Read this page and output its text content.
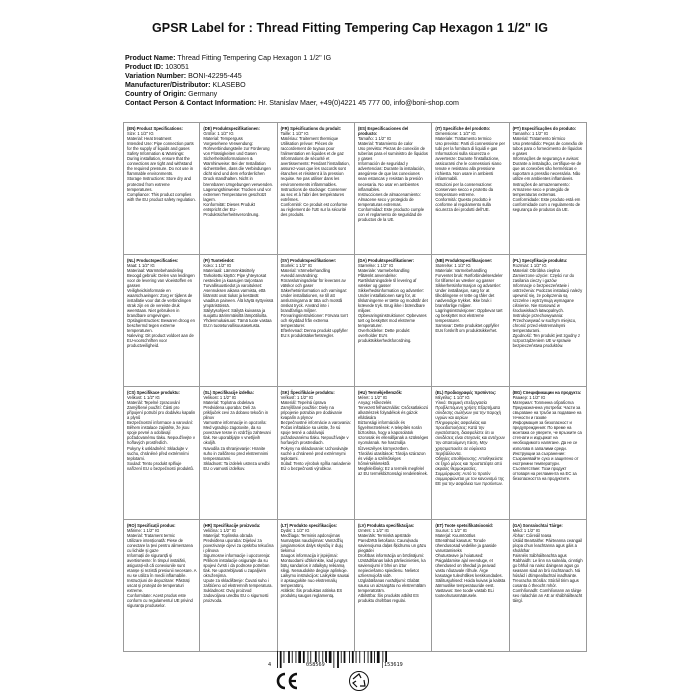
GPSR Label for : Thread Fitting Tempering Cap Hexagon 1 1/2" IG
Product Name: Thread Fitting Tempering Cap Hexagon 1 1/2" IG
Product ID: 103051
Variation Number: BONI-42295-445
Manufacturer/Distributor: KLASEBO
Country of Origin: Germany
Contact Person & Contact Information: Hr. Stanislav Maer, +49(0)4221 45 777 00, info@boni-shop.com
(EN) Product Specifications:
Size: 1 1/2" IG
Material: Heat treatment
Intended Use: Pipe connection parts for the supply of liquids and gases
Safety Information & Warnings: During installation, ensure that the connections are tight and withstand the required pressure. Do not use in flammable environments.
Storage Instructions: Store dry and protected from extreme temperatures.
Compliance: This product complies with the EU product safety regulation.
(DE) Produktspezifikationen:
Größe: 1 1/2" IG
Material: Temperguss
Vorgesehene Verwendung: Rohrverbindungsteile zur Förderung von Flüssigkeiten und Gasen
Sicherheitsinformationen & Warnhinweise: Bei der Installation sicherstellen, dass die Verbindungen dicht sind und dem erforderlichen Druck standhalten. Nicht in brennbaren Umgebungen verwenden.
Lagerungshinweise: Trocken und vor extremen Temperaturen geschützt lagern.
Konformität: Dieses Produkt entspricht der EU-Produktsicherheitsverordnung.
(FR) Spécifications du produit:
Taille: 1 1/2" IG
Matériau: Traitement thermique
Utilisation prévue: Pièces de raccordement de tuyaux pour l'alimentation en liquides et de gaz
Informations de sécurité et avertissements: Pendant l'installation, assurez-vous que les raccords sont étanches et résistent à la pression requise. Ne pas utiliser dans les environnements inflammables.
Instructions de stockage: Conserver au sec et à l'abri des températures extrêmes.
Conformité: Ce produit est conforme au règlement de l'UE sur la sécurité des produits.
(ES) Especificaciones del producto:
Tamaño: 1 1/2" IG
Material: Tratamiento de calor
Uso previsto: Piezas de conexión de tuberías para el suministro de líquidos y gases
Información de seguridad y advertencias: Durante la instalación, asegúrese de que las conexiones sean estancas y resistan la presión necesaria. No usar en ambientes inflamables.
Instrucciones de almacenamiento: Almacene seco y protegido de temperaturas extremas.
Conformidad: Este producto cumple con el reglamento de seguridad de productos de la UE.
(IT) Specifiche del prodotto:
Dimensione: 1 1/2" IG
Materiale: Trattamento termico
Uso previsto: Parti di connessione per tubi per la fornitura di liquidi e gas
Informazioni sulla sicurezza e avvertenze: Durante l'installazione, assicurarsi che le connessioni siano tenute e resistano alla pressione richiesta. Non usare in ambienti infiammabili.
Istruzioni per la conservazione: Conservare secco e protetto da temperature estreme.
Conformità: Questo prodotto è conforme al regolamento sulla sicurezza dei prodotti dell'UE.
(PT) Especificações do produto:
Tamanho: 1 1/2" IG
Material: Tratamento térmico
Uso pretendido: Peças de conexão de tubos para o fornecimento de líquidos e gases
Informações de segurança e avisos: Durante a instalação, certifique-se de que as conexões são herméticas e suportam a pressão necessária. Não utilize em ambientes inflamáveis.
Instruções de armazenamento: Armazene seco e protegido de temperaturas extremas.
Conformidade: Este produto está em conformidade com o regulamento de segurança de produtos da UE.
(NL) Productspecificaties:
Maat: 1 1/2" IG
Materiaal: Warmtebehandeling
Beoogd gebruik: Delen van leidingen voor de levering van vloeistoffen en gassen
Veiligheidsinformatie en waarschuwingen: Zorg er tijdens de installatie voor dat de verbindingen strak zijn en de vereiste druk weerstaan. Niet gebruiken in brandbare omgevingen.
Opslaginstructies: Bewaren droog en beschermd tegen extreme temperaturen.
Naleving: Dit product voldoet aan de EU-voorschriften voor productveiligheid.
(FI) Tuotetiedot:
Koko: 1 1/2" IG
Materiaali: Lämmönkäsittely
Tarkoitettu käyttö: Pipe yhteysosat nesteiden ja kaasujen tarjontaan
Turvallisuustiedot ja varoitukset: Asennuksen aikana varmista, että liitännät ovat tiukat ja kestävät vaaditun paineen. Älä käytä syttyvissä ympäristöissä.
Säilytysohjeet: Säilytä kuivassa ja suojattu äärimmäisiltä lämpötiloilta.
Yhdenmukaisuus: Tämä tuote vastaa EU:n tuoteturvallisuusasetusta.
(SV) Produktspecifikationer:
Storlek: 1 1/2" IG
Material: Värmebehandling
Avsedd användning: Röranslutningsdelar för leverans av vätskor och gaser
Säkerhetsinformation och varningar: Under installationen, se till att anslutningarna är täta och motstå önskat tryck. Använd inte i brandfarliga miljöer.
Förvaringsinstruktioner: Förvara torrt och skyddad från extrema temperaturer.
Efterlevnad: Denna produkt uppfyller EU:s produktsäkerhetsregler.
(DA) Produktspecifikationer:
Størrelse: 1 1/2" IG
Materiale: Varmebehandling
Påtænkt anvendelse: Rørtilslutningsdele til levering af væsker og gasser
Sikkerhedsinformation og advarsler: Under installationen sørg for, at tilslutningerne er tætte og modstår det krævede tryk. Brug ikke i brændbare miljøer.
Opbevaringsinstruktioner: Opbevares tørt og beskyttet mod ekstreme temperaturer.
Overholdelse: Dette produkt overholder EU's produktsikkerhedsforordning.
(NB) Produktspesifikasjoner:
Størrelse: 1 1/2" IG
Materiale: Varmebehandling
Forventet bruk: Rørforbindelsesdeler for tilførsel av væsker og gasser
Sikkerhetsinformasjon og advarsler: Under installasjon, sørg for at tilkoblingene er tette og tåler det nødvendige trykket. Ikke bruk i brannfarlige miljøer.
Lagringsinstruksjoner: Oppbevar tørt og beskyttet mot ekstreme temperaturer.
Samsvar: Dette produktet oppfyller EUs forskrift om produktsikkerhet.
(PL) Specyfikacje produktu:
Rozmiar: 1 1/2" IG
Materiał: Obróbka cieplna
Zamierzone użycie: Części rur do zasilania cieczy i gazów
Informacje o bezpieczeństwie i ostrzeżenia: Podczas instalacji należy upewnić się, że połączenia są szczelne i wytrzymują wymagane ciśnienie. Nie stosować w środowiskach łatwopalnych.
Instrukcje przechowywania: Przechowywać w suchym miejscu, chronić przed ekstremalnymi temperaturami.
Zgodność: Ten produkt jest zgodny z rozporządzeniem UE w sprawie bezpieczeństwa produktów.
(CS) Specifikace produktu:
Velikost: 1 1/2" IG
Materiál: Tepelné zpracování
Zamýšlené použití: Části pro připojení potrubí pro dodávku kapalin a plynů
Bezpečnostní informace a varování: Během instalace zajistěte, že jsou spoje pevné a odolávají požadovanému tlaku. Nepoužívejte v hořlavých prostředích.
Pokyny k uskladnění: Skladujte v suchu, chráněné před extrémními teplotami.
Soulad: Tento produkt splňuje nařízení EU o bezpečnosti produktů.
(SL) Specifikacije izdelka:
Velikost: 1 1/2" IG
Material: Toplotna obdelava
Predvidena uporaba: Deli za priključek cevi za dobavo tekočin in plinov
Varnostne informacije in opozorila: Med vgradnjo zagotovite, da so povezave tesne in vzdržijo zahtevani tlak. Ne uporabljajte v vnetljivih okoljih.
Navodila za shranjevanje: Hranite suho in zaščiteno pred ekstremnimi temperaturami.
Skladnost: Ta izdelek ustreza uredbi EU o varnosti izdelkov.
(SK) Špecifikácie produktu:
Veľkosť: 1 1/2" IG
Materiál: Tepelná úprava
Zamýšľané použitie: Diely na pripojenie potrubia pre dodávanie kvapalín a plynov
Bezpečnostné informácie a varovania: Počas inštalácie sa uistite, že sú spoje tesné a odolávajú požadovanému tlaku. Nepoužívajte v horľavých prostrediach.
Pokyny na skladovanie: Uchovávajte suché a chránené pred extrémnymi teplotami.
Súlad: Tento výrobok spĺňa nariadenie EÚ o bezpečnosti výrobkov.
(HU) Termékjellemzők:
Méret: 1 1/2" IG
Anyag: Hőkezelés
Tervezett felhasználás: Csőcsatlakozó alkatrészek folyadékok és gázok ellátására
Biztonsági információk és figyelmeztetések: A telepítés során biztosítsa, hogy a kapcsolatok szorosak és ellenálljanak a szükséges nyomásnak. Ne használja tűzveszélyes környezetben.
Tárolási utasítások: Tárolja szárazon és védje a szélsőséges hőmérsékletektől.
Megfelelőség: Ez a termék megfelel az EU termékbiztonsági rendeletének.
(EL) Προδιαγραφές προϊόντος:
Μέγεθος: 1 1/2" IG
Υλικό: Θερμική επεξεργασία
Προβλεπόμενη χρήση: Εξαρτήματα σύνδεσης σωλήνων για την παροχή υγρών και αερίων
Πληροφορίες ασφαλείας και προειδοποιήσεις: Κατά την εγκατάσταση, διασφαλίστε ότι οι συνδέσεις είναι στεγανές και αντέχουν την απαιτούμενη πίεση. Μην χρησιμοποιείτε σε εύφλεκτα περιβάλλοντα.
Οδηγίες αποθήκευσης: Αποθηκεύστε σε ξηρό μέρος και προστατέψτε από ακραίες θερμοκρασίες.
Συμμόρφωση: Αυτό το προϊόν συμμορφώνεται με τον κανονισμό της ΕΕ για την ασφάλεια των προϊόντων.
(BG) Спецификации на продукта:
Размер: 1 1/2" IG
Материал: Топлинна обработка
Предназначена употреба: Части за свързване на тръби за подаване на течности и газове
Информация за безопасност и предупреждения: По време на монтажа се уверете, че връзките са стегнати и издържат на необходимото налягане. Да не се използва в запалими среди.
Инструкции за съхранение: Съхранявайте сухо и защитено от екстремни температури.
Съответствие: Този продукт отговаря на регламента на ЕС за безопасността на продуктите.
(RO) Specificații produs:
Mărime: 1 1/2" IG
Material: Tratament termic
Utilizare intenționată: Piese de conectare la țevi pentru alimentarea cu lichide și gaze
Informații de siguranță și avertismente: În timpul instalării, asigurați-vă că conexiunile sunt etanșe și rezistă presiunii necesare. A nu se utiliza în medii inflamabile.
Instrucțiuni de depozitare: Păstrați uscat și protejat de temperaturi extreme.
Conformitate: Acest produs este conform cu regulamentul UE privind siguranța produselor.
(HR) Specifikacije proizvoda:
Veličina: 1 1/2" IG
Materijal: Toplinska obrada
Predviđena uporaba: Dijelovi za povezivanje cijevi za opskrbu tekućina i plinova
Sigurnosne informacije i upozorenja: Prilikom instalacije osigurajte da su spojevi čvrsti i da podnose potreban tlak. Ne upotrebljavati u zapaljivim okruženjima.
Upute za skladištenje: Čuvati suho i zaštićeno od ekstremnih temperatura.
Sukladnost: Ovaj proizvod zadovoljava uredbu EU o sigurnosti proizvoda.
(LT) Produkto specifikacijos:
Dydis: 1 1/2" IG
Medžiaga: Terminis apdorojimas
Numatytas naudojimas: Vamzdžių jungiamosios dalys skysčių ir dujų tiekimui
Saugos informacija ir įspėjimai: Montuodami užtikrinkite, kad jungtys būtų sandarios ir atlaikytų reikiamą slėgį. Nenaudokite degioje aplinkoje.
Laikymo instrukcijos: Laikykite sausai ir apsaugokite nuo ekstremalių temperatūrų.
Atitiktis: Šis produktas atitinka ES produktų saugos reglamentą.
(LV) Produkta specifikācijas:
Izmērs: 1 1/2" IG
Materiāls: Termiskā apstrāde
Paredzētā lietošana: Cauruļvadu savienojuma daļas šķidrumu un gāzu piegādei
Drošības informācija un brīdinājumi: Uzstādīšanas laikā pārliecinieties, ka savienojumi ir blīvi un iztur nepieciešamo spiedienu. Nelietot uzliesmojošā vidē.
Uzglabāšanas norādījumi: Glabāt sausu un aizsargātu no ekstremālām temperatūrām.
Atbilstība: Šis produkts atbilst ES produktu drošības regulai.
(ET) Toote spetsifikatsioonid:
Suurus: 1 1/2" IG
Materjal: Kuumtöötlus
Ettenähtud kasutus: Torude ühendusosad vedelike ja gaaside varustamiseks
Ohutusteave ja hoiatused: Paigaldamise ajal veenduge, et ühendused on tihedad ja peavad vastu nõutavale rõhule. Ärge kasutage tuleohtlikes keskkondades.
Säilitusjuhised: Hoida kuivas ja kaitsta äärmuslike temperatuuride eest.
Vastavus: See toode vastab ELi tooteohutusmäärusele.
(GA) Sonraíochtaí Táirge:
Méid: 1 1/2" IG
Ábhar: Cóireáil teasa
Úsáid Beartaithe: Páirteanna ceangail píopa chun leachtanna agus gáis a sholáthar
Faisnéis Sábháilteachta agus Rabhaidh: Le linn na suiteála, cinntigh go bhfuil na naisc daingean agus go seasann siad an brú riachtanach. Ná húsáid i dtimpeallachtaí inadhainte.
Treoracha Stórála: Stóráil tirim agus cosanta ó theocht mhór.
Comhlíonadh: Comhlíonann an táirge seo rialachán an AE ar shábháilteacht táirgí.
4	058569	153619
